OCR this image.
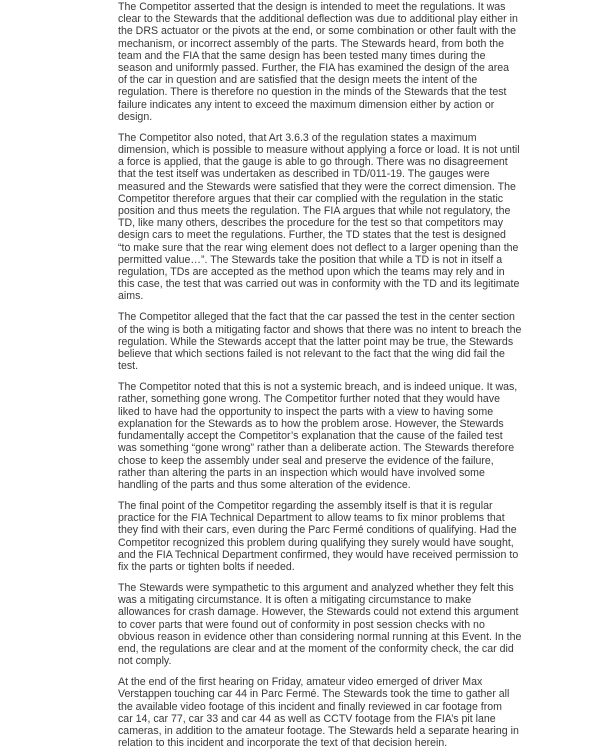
The Competitor asserted that the design is intended to meet the regulations. It was
clear to the Stewards that the additional deflection was due to additional play either in
the DRS actuator or the pivots at the end, or some combination or other fault with the
mechanism, or incorrect assembly of the parts. The Stewards heard, from both the
team and the FIA that the same design has been tested many times during the
season and uniformly passed. Further, the FIA has examined the design of the area
of the car in question and are satisfied that the design meets the intent of the
regulation. There is therefore no question in the minds of the Stewards that the test
failure indicates any intent to exceed the maximum dimension either by action or
design.

The Competitor also noted, that Art 3.6.3 of the regulation states a maximum
dimension, which is possible to measure without applying a force or load. It is not until
a force is applied, that the gauge is able to go through. There was no disagreement
that the test itself was undertaken as described in TD/011-19. The gauges were
measured and the Stewards were satisfied that they were the correct dimension. The
Competitor therefore argues that their car complied with the regulation in the static
position and thus meets the regulation. The FIA argues that while not regulatory, the
TD, like many others, describes the procedure for the test so that competitors may
design cars to meet the regulations. Further, the TD states that the test is designed
“to make sure that the rear wing element does not deflect to a larger opening than the
permitted value…”. The Stewards take the position that while a TD is not in itself a
regulation, TDs are accepted as the method upon which the teams may rely and in
this case, the test that was carried out was in conformity with the TD and its legitimate
aims.

The Competitor alleged that the fact that the car passed the test in the center section
of the wing is both a mitigating factor and shows that there was no intent to breach the
regulation. While the Stewards accept that the latter point may be true, the Stewards
believe that which sections failed is not relevant to the fact that the wing did fail the
test.

The Competitor noted that this is not a systemic breach, and is indeed unique. It was,
rather, something gone wrong. The Competitor further noted that they would have
liked to have had the opportunity to inspect the parts with a view to having some
explanation for the Stewards as to how the problem arose. However, the Stewards
fundamentally accept the Competitor’s explanation that the cause of the failed test
was something “gone wrong” rather than a deliberate action. The Stewards therefore
chose to keep the assembly under seal and preserve the evidence of the failure,
rather than altering the parts in an inspection which would have involved some
handling of the parts and thus some alteration of the evidence.

The final point of the Competitor regarding the assembly itself is that it is regular
practice for the FIA Technical Department to allow teams to fix minor problems that
they find with their cars, even during the Parc Fermé conditions of qualifying. Had the
Competitor recognized this problem during qualifying they surely would have sought,
and the FIA Technical Department confirmed, they would have received permission to
fix the parts or tighten bolts if needed.

The Stewards were sympathetic to this argument and analyzed whether they felt this
was a mitigating circumstance. It is often a mitigating circumstance to make
allowances for crash damage. However, the Stewards could not extend this argument
to cover parts that were found out of conformity in post session checks with no
obvious reason in evidence other than considering normal running at this Event. In the
end, the regulations are clear and at the moment of the conformity check, the car did
not comply.

At the end of the first hearing on Friday, amateur video emerged of driver Max
Verstappen touching car 44 in Parc Fermé. The Stewards took the time to gather all
the available video footage of this incident and finally reviewed in car footage from
car 14, car 77, car 33 and car 44 as well as CCTV footage from the FIA’s pit lane
cameras, in addition to the amateur footage. The Stewards held a separate hearing in
relation to this incident and incorporate the text of that decision herein.
